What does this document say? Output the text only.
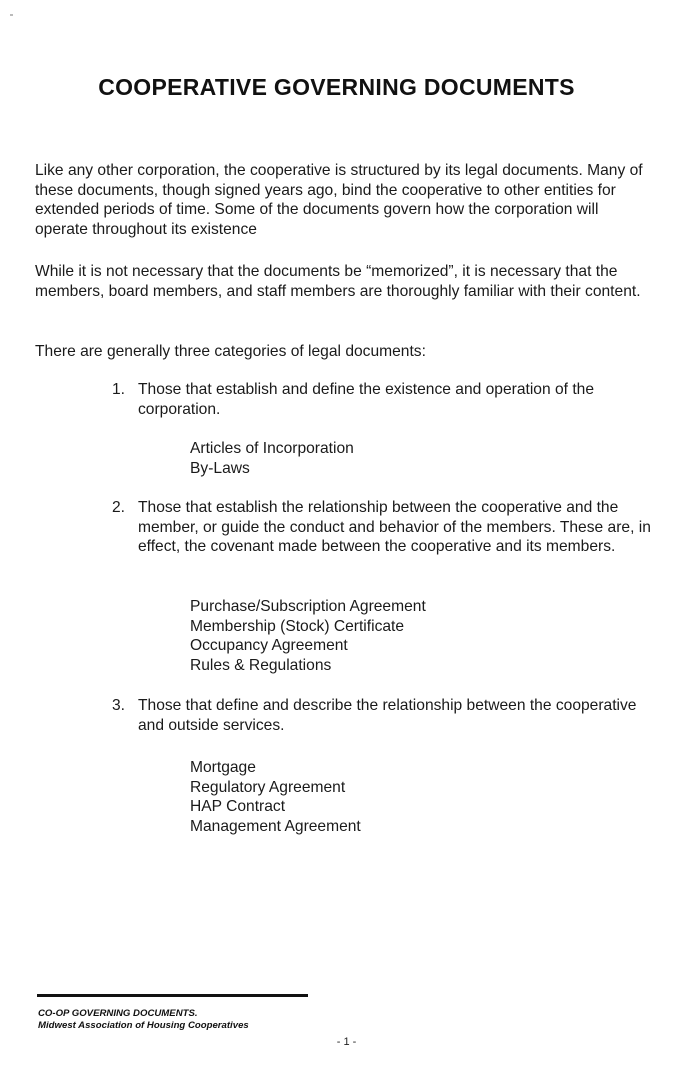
COOPERATIVE GOVERNING DOCUMENTS

Like any other corporation, the cooperative is structured by its legal documents. Many of these documents, though signed years ago, bind the cooperative to other entities for extended periods of time. Some of the documents govern how the corporation will operate throughout its existence

While it is not necessary that the documents be “memorized”, it is necessary that the members, board members, and staff members are thoroughly familiar with their content.

There are generally three categories of legal documents:

1. Those that establish and define the existence and operation of the corporation.
Articles of Incorporation
By-Laws
2. Those that establish the relationship between the cooperative and the member, or guide the conduct and behavior of the members. These are, in effect, the covenant made between the cooperative and its members.
Purchase/Subscription Agreement
Membership (Stock) Certificate
Occupancy Agreement
Rules & Regulations
3. Those that define and describe the relationship between the cooperative and outside services.
Mortgage
Regulatory Agreement
HAP Contract
Management Agreement
CO-OP GOVERNING DOCUMENTS.
Midwest Association of Housing Cooperatives
- 1 -
